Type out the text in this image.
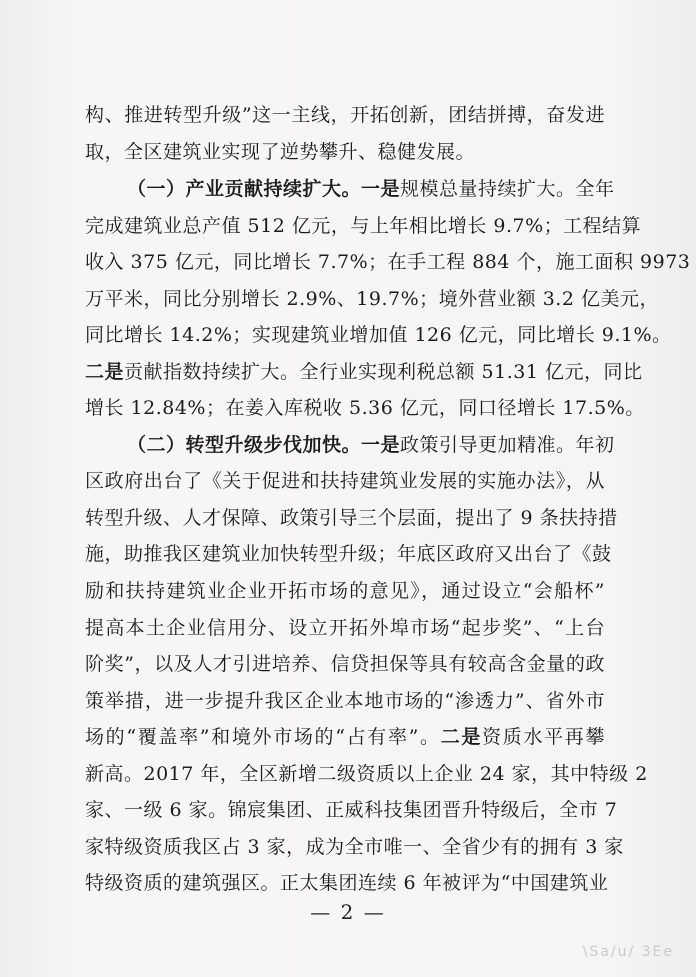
构、推进转型升级”这一主线，开拓创新，团结拼搏，奋发进
取，全区建筑业实现了逆势攀升、稳健发展。
（一）产业贡献持续扩大。一是规模总量持续扩大。全年
完成建筑业总产值 512 亿元，与上年相比增长 9.7%；工程结算
收入 375 亿元，同比增长 7.7%；在手工程 884 个，施工面积 9973
万平米，同比分别增长 2.9%、19.7%；境外营业额 3.2 亿美元，
同比增长 14.2%；实现建筑业增加值 126 亿元，同比增长 9.1%。
二是贡献指数持续扩大。全行业实现利税总额 51.31 亿元，同比
增长 12.84%；在姜入库税收 5.36 亿元，同口径增长 17.5%。
（二）转型升级步伐加快。一是政策引导更加精准。年初
区政府出台了《关于促进和扶持建筑业发展的实施办法》，从
转型升级、人才保障、政策引导三个层面，提出了 9 条扶持措
施，助推我区建筑业加快转型升级；年底区政府又出台了《鼓
励和扶持建筑业企业开拓市场的意见》，通过设立“会船杯”
提高本土企业信用分、设立开拓外埠市场“起步奖”、“上台
阶奖”，以及人才引进培养、信贷担保等具有较高含金量的政
策举措，进一步提升我区企业本地市场的“渗透力”、省外市
场的“覆盖率”和境外市场的“占有率”。二是资质水平再攀
新高。2017 年，全区新增二级资质以上企业 24 家，其中特级 2
家、一级 6 家。锦宸集团、正威科技集团晋升特级后，全市 7
家特级资质我区占 3 家，成为全市唯一、全省少有的拥有 3 家
特级资质的建筑强区。正太集团连续 6 年被评为“中国建筑业
— 2 —
\Sa/u/ 3Ee
